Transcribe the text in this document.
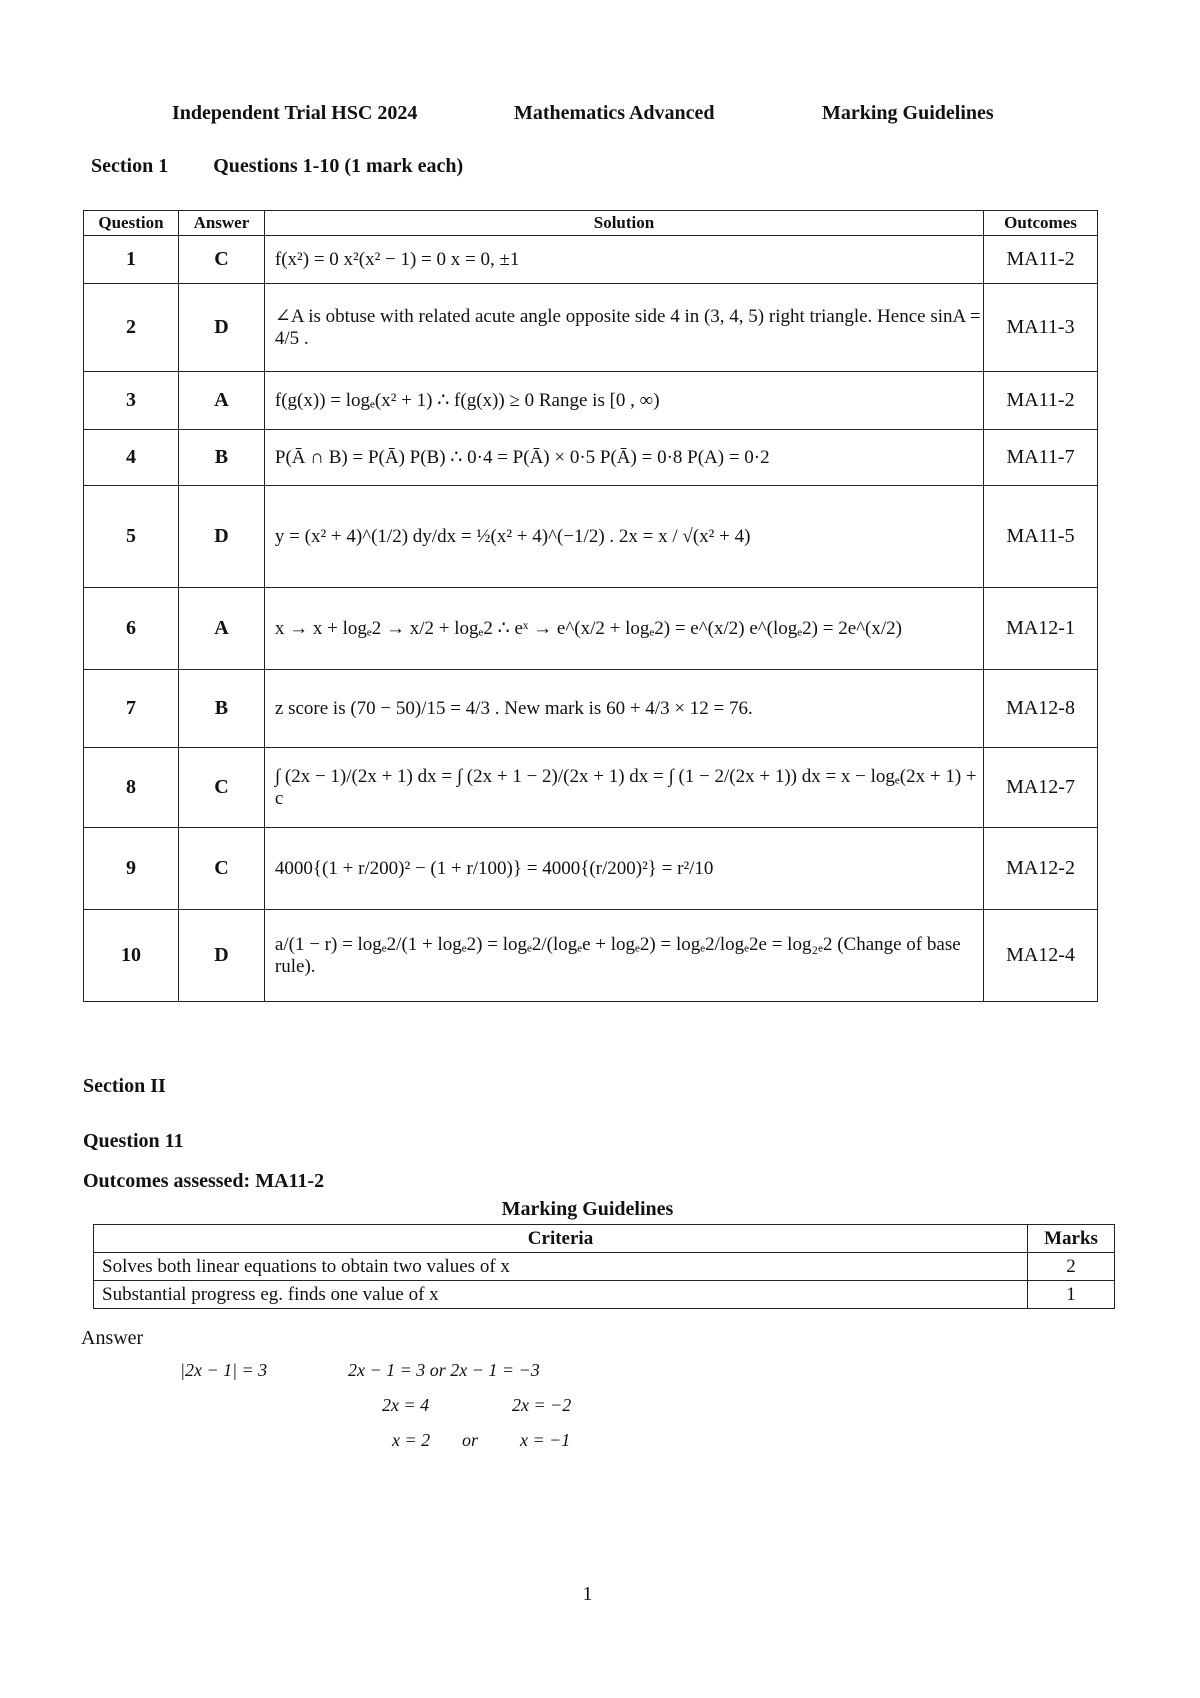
Independent Trial HSC 2024	Mathematics Advanced	Marking Guidelines
Section 1 Questions 1-10 (1 mark each)
Question	Answer	Solution	Outcomes
1	C	f(x²) = 0 x²(x² − 1) = 0 x = 0, ±1	MA11-2
2	D	∠A is obtuse with related acute angle opposite side 4 in (3, 4, 5) right triangle. Hence sinA = 4/5 .	MA11-3
3	A	f(g(x)) = logₑ(x² + 1) ∴ f(g(x)) ≥ 0 Range is [0 , ∞)	MA11-2
4	B	P(Ā ∩ B) = P(Ā) P(B) ∴ 0·4 = P(Ā) × 0·5 P(Ā) = 0·8 P(A) = 0·2	MA11-7
5	D	y = (x² + 4)^(1/2) dy/dx = ½(x² + 4)^(−1/2) . 2x = x / √(x² + 4)	MA11-5
6	A	x → x + logₑ2 → x/2 + logₑ2 ∴ eˣ → e^(x/2 + logₑ2) = e^(x/2) e^(logₑ2) = 2e^(x/2)	MA12-1
7	B	z score is (70 − 50)/15 = 4/3 . New mark is 60 + 4/3 × 12 = 76.	MA12-8
8	C	∫ (2x − 1)/(2x + 1) dx = ∫ (2x + 1 − 2)/(2x + 1) dx = ∫ (1 − 2/(2x + 1)) dx = x − logₑ(2x + 1) + c	MA12-7
9	C	4000{(1 + r/200)² − (1 + r/100)} = 4000{(r/200)²} = r²/10	MA12-2
10	D	a/(1 − r) = logₑ2/(1 + logₑ2) = logₑ2/(logₑe + logₑ2) = logₑ2/logₑ2e = log₂ₑ2 (Change of base rule).	MA12-4
Section II
Question 11
Outcomes assessed: MA11-2
Marking Guidelines
Criteria	Marks
Solves both linear equations to obtain two values of x	2
Substantial progress eg. finds one value of x	1
Answer
|2x − 1| = 3	2x − 1 = 3 or 2x − 1 = −3
2x = 4	2x = −2
x = 2 or x = −1
1
